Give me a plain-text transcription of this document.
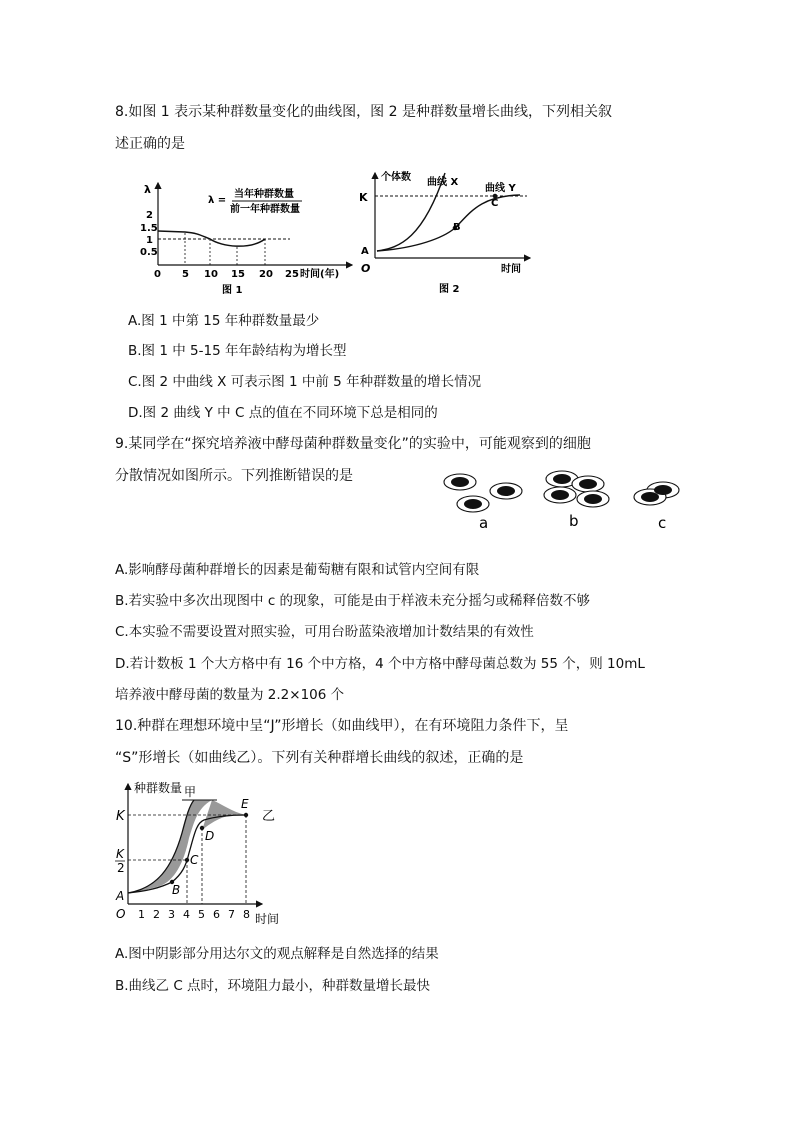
8.如图 1 表示某种群数量变化的曲线图，图 2 是种群数量增长曲线，下列相关叙
述正确的是
λ
λ =
当年种群数量
前一年种群数量
2
1.5
1
0.5
0 5 10 15 20 25 时间(年)
图 1
个体数
K
曲线 X
曲线 Y
A
B
C
O	时间
图 2
A.图 1 中第 15 年种群数量最少
B.图 1 中 5-15 年年龄结构为增长型
C.图 2 中曲线 X 可表示图 1 中前 5 年种群数量的增长情况
D.图 2 曲线 Y 中 C 点的值在不同环境下总是相同的
9.某同学在“探究培养液中酵母菌种群数量变化”的实验中，可能观察到的细胞
分散情况如图所示。下列推断错误的是
a	b	c
A.影响酵母菌种群增长的因素是葡萄糖有限和试管内空间有限
B.若实验中多次出现图中 c 的现象，可能是由于样液未充分摇匀或稀释倍数不够
C.本实验不需要设置对照实验，可用台盼蓝染液增加计数结果的有效性
D.若计数板 1 个大方格中有 16 个中方格，4 个中方格中酵母菌总数为 55 个，则 10mL
培养液中酵母菌的数量为 2.2×106 个
10.种群在理想环境中呈“J”形增长（如曲线甲），在有环境阻力条件下，呈
“S”形增长（如曲线乙）。下列有关种群增长曲线的叙述，正确的是
种群数量
K
K
2
甲
乙
A	B
C
D
E
O 1 2 3 4 5 6 7 8 时间
A.图中阴影部分用达尔文的观点解释是自然选择的结果
B.曲线乙 C 点时，环境阻力最小，种群数量增长最快
